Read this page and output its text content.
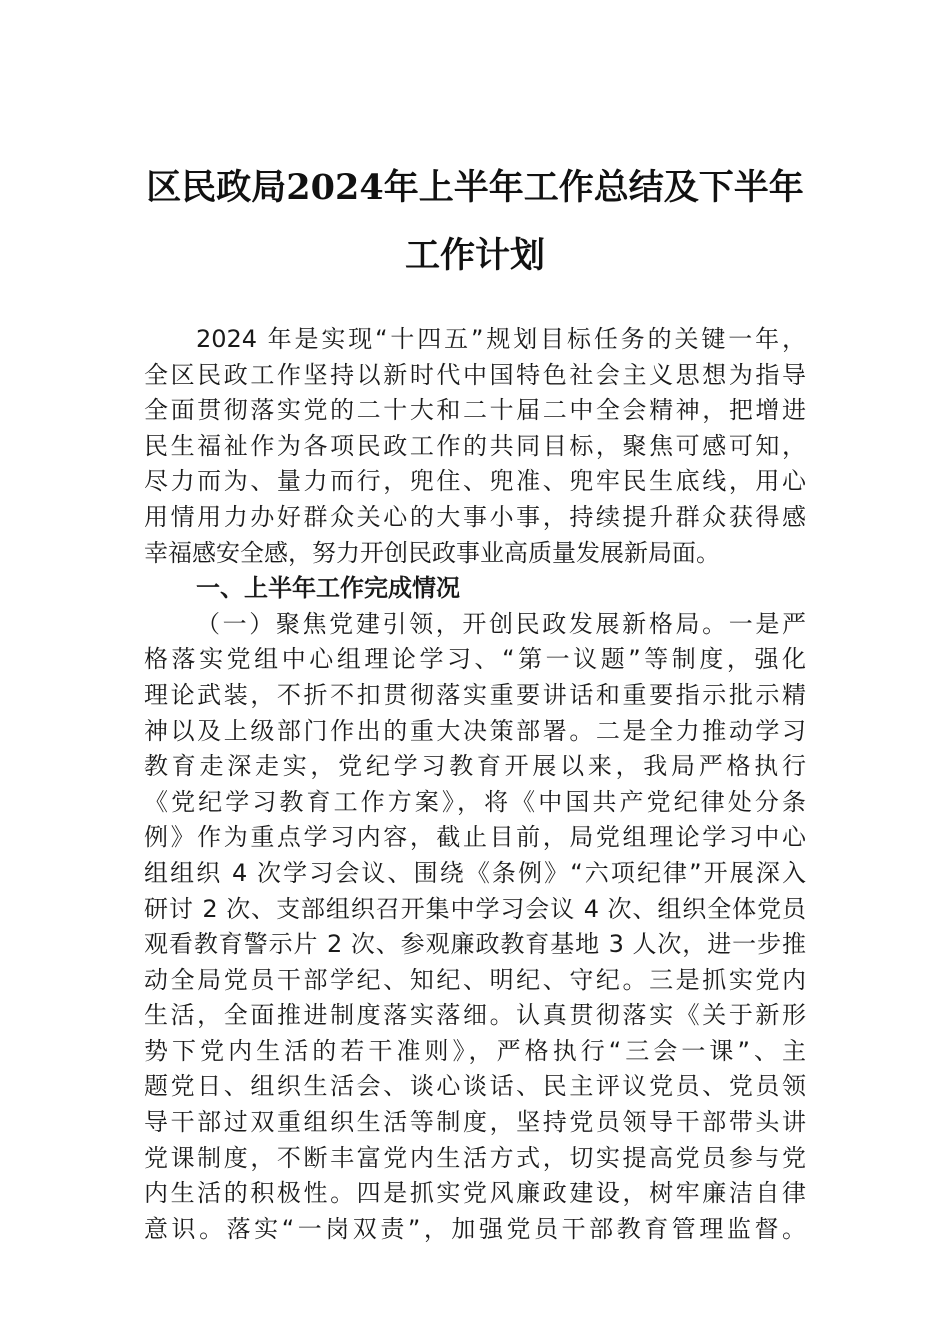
区民政局2024年上半年工作总结及下半年
工作计划
2024 年是实现“十四五”规划目标任务的关键一年，
全区民政工作坚持以新时代中国特色社会主义思想为指导
全面贯彻落实党的二十大和二十届二中全会精神，把增进
民生福祉作为各项民政工作的共同目标，聚焦可感可知，
尽力而为、量力而行，兜住、兜准、兜牢民生底线，用心
用情用力办好群众关心的大事小事，持续提升群众获得感
幸福感安全感，努力开创民政事业高质量发展新局面。
一、上半年工作完成情况
（一）聚焦党建引领，开创民政发展新格局。一是严
格落实党组中心组理论学习、“第一议题”等制度，强化
理论武装，不折不扣贯彻落实重要讲话和重要指示批示精
神以及上级部门作出的重大决策部署。二是全力推动学习
教育走深走实，党纪学习教育开展以来，我局严格执行
《党纪学习教育工作方案》，将《中国共产党纪律处分条
例》作为重点学习内容，截止目前，局党组理论学习中心
组组织 4 次学习会议、围绕《条例》“六项纪律”开展深入
研讨 2 次、支部组织召开集中学习会议 4 次、组织全体党员
观看教育警示片 2 次、参观廉政教育基地 3 人次，进一步推
动全局党员干部学纪、知纪、明纪、守纪。三是抓实党内
生活，全面推进制度落实落细。认真贯彻落实《关于新形
势下党内生活的若干准则》，严格执行“三会一课”、主
题党日、组织生活会、谈心谈话、民主评议党员、党员领
导干部过双重组织生活等制度，坚持党员领导干部带头讲
党课制度，不断丰富党内生活方式，切实提高党员参与党
内生活的积极性。四是抓实党风廉政建设，树牢廉洁自律
意识。落实“一岗双责”，加强党员干部教育管理监督。
